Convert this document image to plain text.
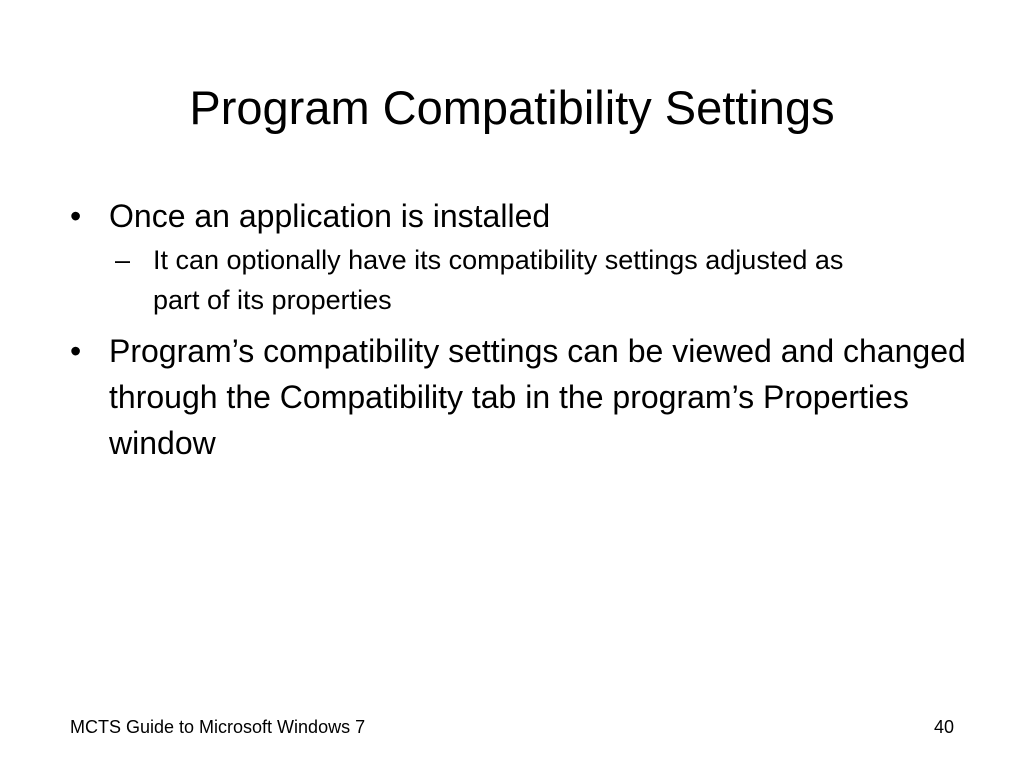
Program Compatibility Settings
• Once an application is installed
– It can optionally have its compatibility settings adjusted as part of its properties
• Program’s compatibility settings can be viewed and changed through the Compatibility tab in the program’s Properties window
MCTS Guide to Microsoft Windows 7	40
